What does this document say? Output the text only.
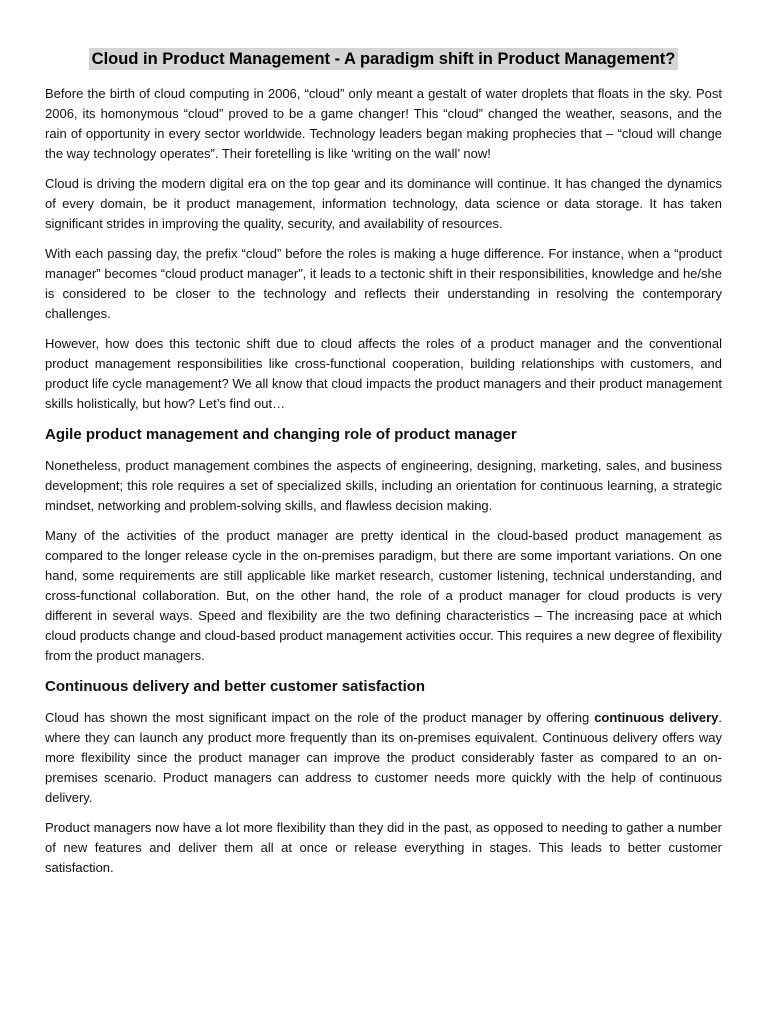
Cloud in Product Management - A paradigm shift in Product Management?

Before the birth of cloud computing in 2006, “cloud” only meant a gestalt of water droplets that floats in the sky. Post 2006, its homonymous “cloud” proved to be a game changer! This “cloud” changed the weather, seasons, and the rain of opportunity in every sector worldwide. Technology leaders began making prophecies that – “cloud will change the way technology operates”. Their foretelling is like ‘writing on the wall’ now!

Cloud is driving the modern digital era on the top gear and its dominance will continue. It has changed the dynamics of every domain, be it product management, information technology, data science or data storage. It has taken significant strides in improving the quality, security, and availability of resources.

With each passing day, the prefix “cloud” before the roles is making a huge difference. For instance, when a “product manager” becomes “cloud product manager”, it leads to a tectonic shift in their responsibilities, knowledge and he/she is considered to be closer to the technology and reflects their understanding in resolving the contemporary challenges.

However, how does this tectonic shift due to cloud affects the roles of a product manager and the conventional product management responsibilities like cross-functional cooperation, building relationships with customers, and product life cycle management? We all know that cloud impacts the product managers and their product management skills holistically, but how? Let’s find out…

Agile product management and changing role of product manager

Nonetheless, product management combines the aspects of engineering, designing, marketing, sales, and business development; this role requires a set of specialized skills, including an orientation for continuous learning, a strategic mindset, networking and problem-solving skills, and flawless decision making.

Many of the activities of the product manager are pretty identical in the cloud-based product management as compared to the longer release cycle in the on-premises paradigm, but there are some important variations. On one hand, some requirements are still applicable like market research, customer listening, technical understanding, and cross-functional collaboration. But, on the other hand, the role of a product manager for cloud products is very different in several ways. Speed and flexibility are the two defining characteristics – The increasing pace at which cloud products change and cloud-based product management activities occur. This requires a new degree of flexibility from the product managers.

Continuous delivery and better customer satisfaction

Cloud has shown the most significant impact on the role of the product manager by offering continuous delivery. where they can launch any product more frequently than its on-premises equivalent. Continuous delivery offers way more flexibility since the product manager can improve the product considerably faster as compared to an on-premises scenario. Product managers can address to customer needs more quickly with the help of continuous delivery.

Product managers now have a lot more flexibility than they did in the past, as opposed to needing to gather a number of new features and deliver them all at once or release everything in stages. This leads to better customer satisfaction.
